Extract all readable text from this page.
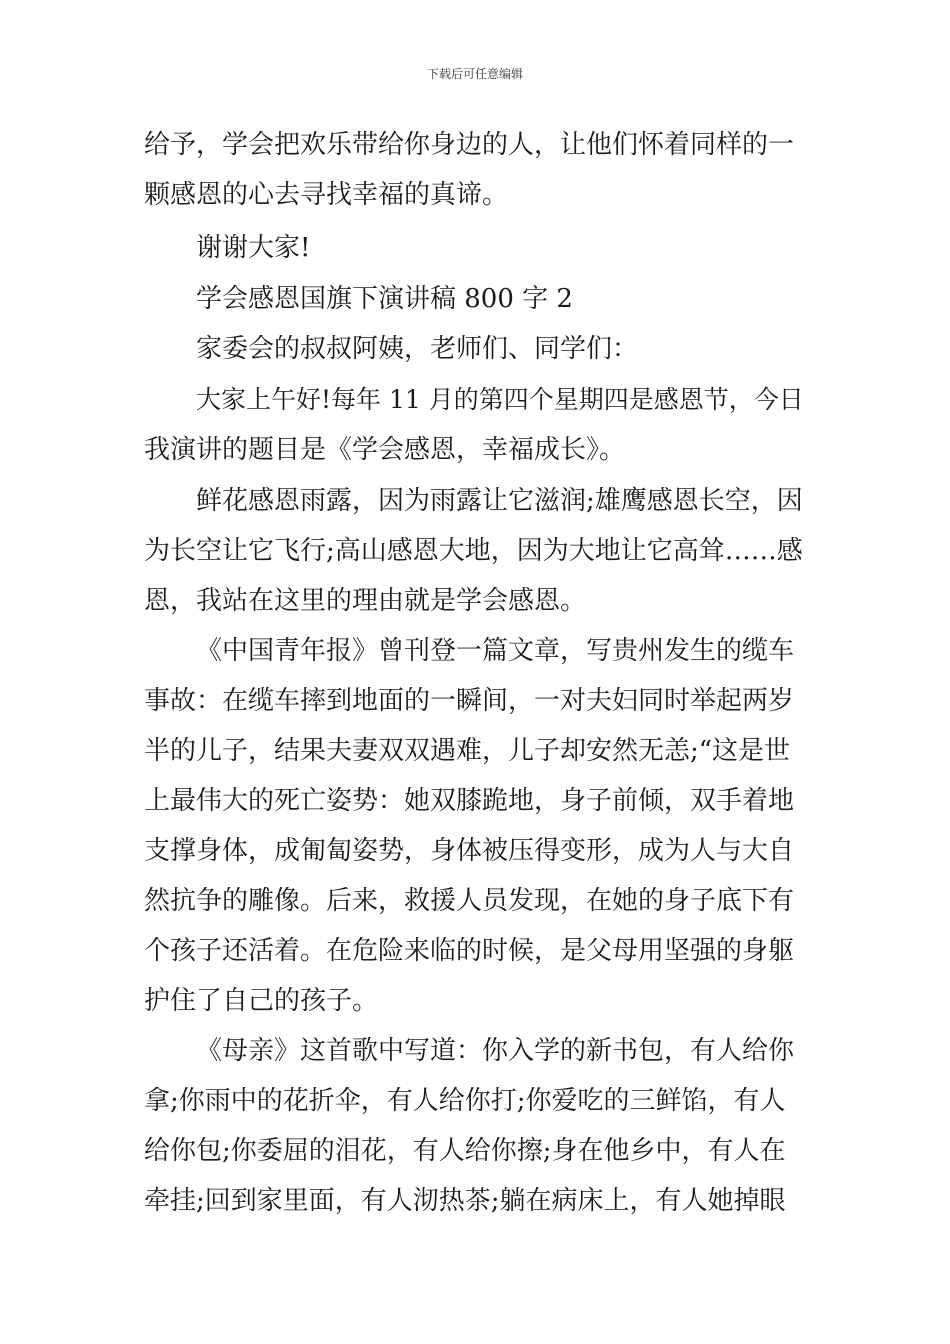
下载后可任意编辑
给予，学会把欢乐带给你身边的人，让他们怀着同样的一
颗感恩的心去寻找幸福的真谛。
谢谢大家!
学会感恩国旗下演讲稿 800 字 2
家委会的叔叔阿姨，老师们、同学们：
大家上午好!每年 11 月的第四个星期四是感恩节，今日
我演讲的题目是《学会感恩，幸福成长》。
鲜花感恩雨露，因为雨露让它滋润;雄鹰感恩长空，因
为长空让它飞行;高山感恩大地，因为大地让它高耸……感
恩，我站在这里的理由就是学会感恩。
《中国青年报》曾刊登一篇文章，写贵州发生的缆车
事故：在缆车摔到地面的一瞬间，一对夫妇同时举起两岁
半的儿子，结果夫妻双双遇难，儿子却安然无恙;“这是世
上最伟大的死亡姿势：她双膝跪地，身子前倾，双手着地
支撑身体，成匍匐姿势，身体被压得变形，成为人与大自
然抗争的雕像。后来，救援人员发现，在她的身子底下有
个孩子还活着。在危险来临的时候，是父母用坚强的身躯
护住了自己的孩子。
《母亲》这首歌中写道：你入学的新书包，有人给你
拿;你雨中的花折伞，有人给你打;你爱吃的三鲜馅，有人
给你包;你委屈的泪花，有人给你擦;身在他乡中，有人在
牵挂;回到家里面，有人沏热茶;躺在病床上，有人她掉眼
